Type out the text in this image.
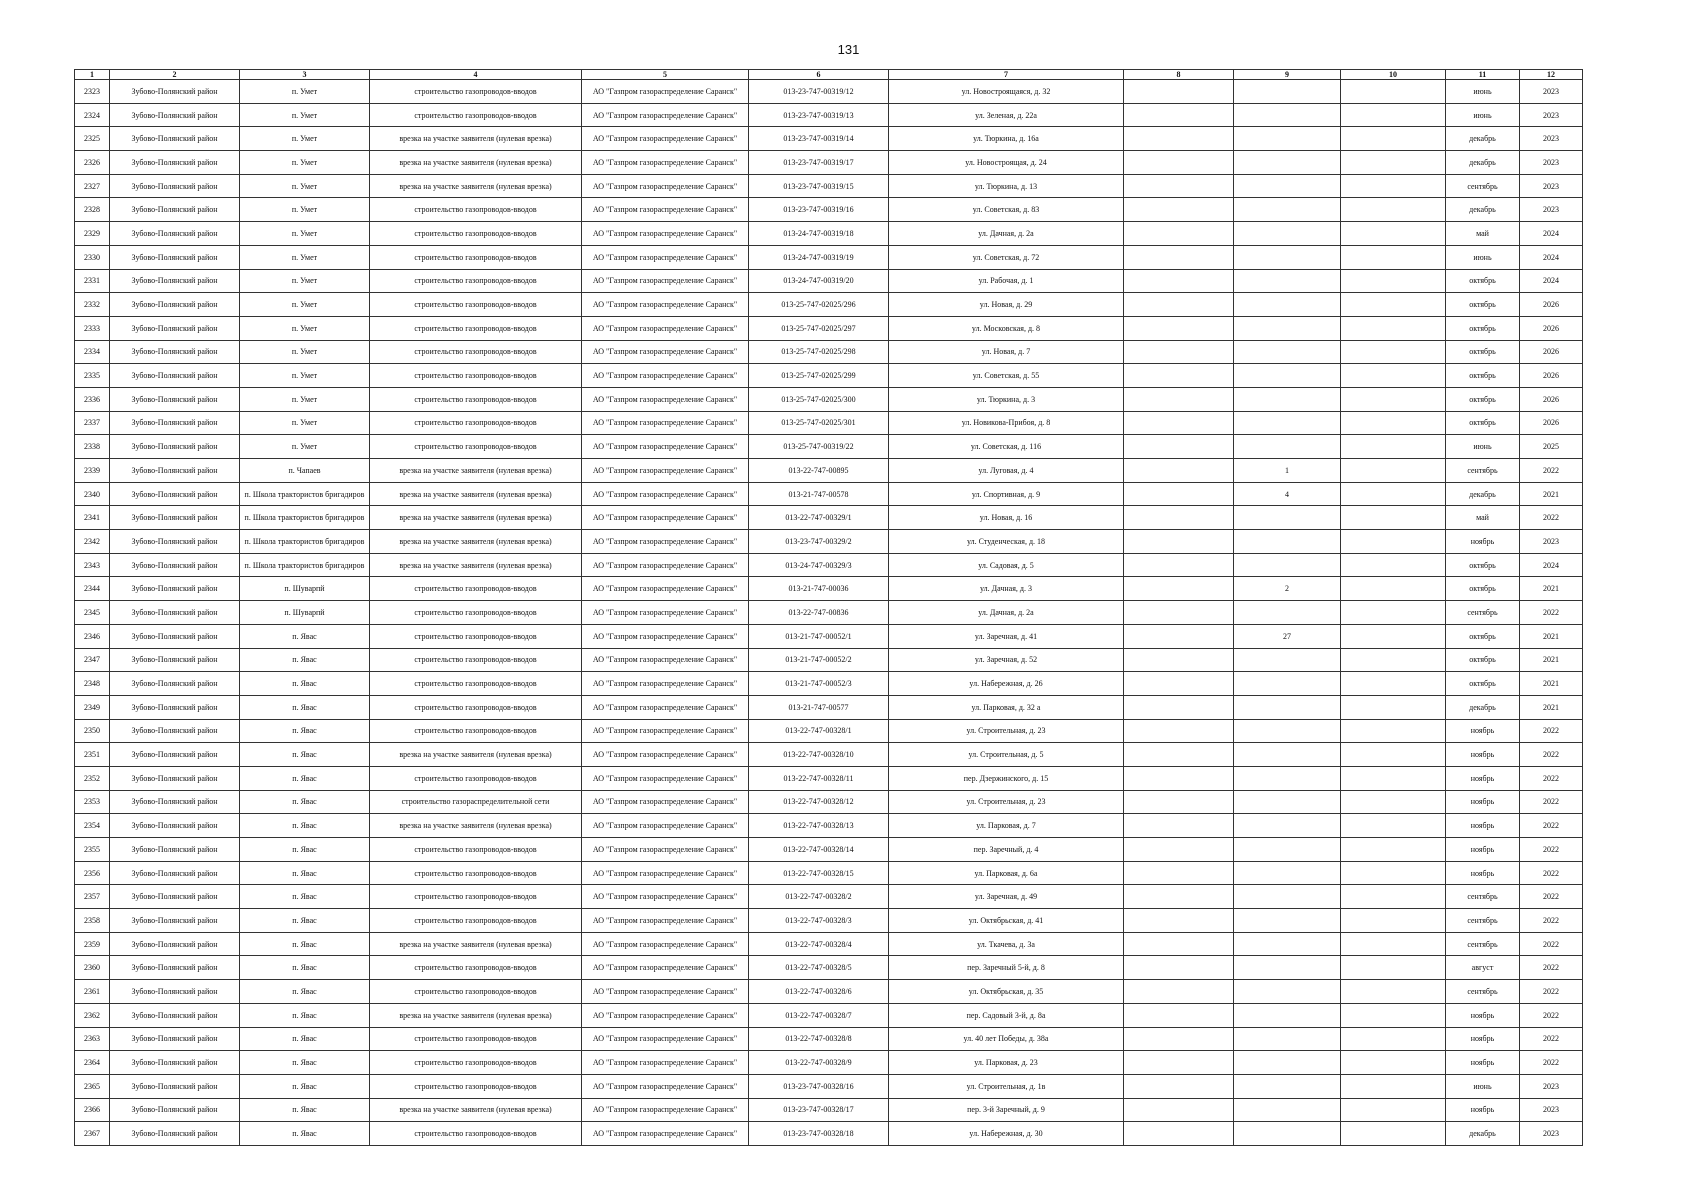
131
1	2	3	4	5	6	7	8	9	10	11	12
2323	Зубово-Полянский район	п. Умет	строительство газопроводов-вводов	АО "Газпром газораспределение Саранск"	013-23-747-00319/12	ул. Новостроящаяся, д. 32				июнь	2023
2324	Зубово-Полянский район	п. Умет	строительство газопроводов-вводов	АО "Газпром газораспределение Саранск"	013-23-747-00319/13	ул. Зеленая, д. 22а				июнь	2023
2325	Зубово-Полянский район	п. Умет	врезка на участке заявителя (нулевая врезка)	АО "Газпром газораспределение Саранск"	013-23-747-00319/14	ул. Тюркина, д. 16а				декабрь	2023
2326	Зубово-Полянский район	п. Умет	врезка на участке заявителя (нулевая врезка)	АО "Газпром газораспределение Саранск"	013-23-747-00319/17	ул. Новостроящая, д. 24				декабрь	2023
2327	Зубово-Полянский район	п. Умет	врезка на участке заявителя (нулевая врезка)	АО "Газпром газораспределение Саранск"	013-23-747-00319/15	ул. Тюркина, д. 13				сентябрь	2023
2328	Зубово-Полянский район	п. Умет	строительство газопроводов-вводов	АО "Газпром газораспределение Саранск"	013-23-747-00319/16	ул. Советская, д. 83				декабрь	2023
2329	Зубово-Полянский район	п. Умет	строительство газопроводов-вводов	АО "Газпром газораспределение Саранск"	013-24-747-00319/18	ул. Дачная, д. 2а				май	2024
2330	Зубово-Полянский район	п. Умет	строительство газопроводов-вводов	АО "Газпром газораспределение Саранск"	013-24-747-00319/19	ул. Советская, д. 72				июнь	2024
2331	Зубово-Полянский район	п. Умет	строительство газопроводов-вводов	АО "Газпром газораспределение Саранск"	013-24-747-00319/20	ул. Рабочая, д. 1				октябрь	2024
2332	Зубово-Полянский район	п. Умет	строительство газопроводов-вводов	АО "Газпром газораспределение Саранск"	013-25-747-02025/296	ул. Новая, д. 29				октябрь	2026
2333	Зубово-Полянский район	п. Умет	строительство газопроводов-вводов	АО "Газпром газораспределение Саранск"	013-25-747-02025/297	ул. Московская, д. 8				октябрь	2026
2334	Зубово-Полянский район	п. Умет	строительство газопроводов-вводов	АО "Газпром газораспределение Саранск"	013-25-747-02025/298	ул. Новая, д. 7				октябрь	2026
2335	Зубово-Полянский район	п. Умет	строительство газопроводов-вводов	АО "Газпром газораспределение Саранск"	013-25-747-02025/299	ул. Советская, д. 55				октябрь	2026
2336	Зубово-Полянский район	п. Умет	строительство газопроводов-вводов	АО "Газпром газораспределение Саранск"	013-25-747-02025/300	ул. Тюркина, д. 3				октябрь	2026
2337	Зубово-Полянский район	п. Умет	строительство газопроводов-вводов	АО "Газпром газораспределение Саранск"	013-25-747-02025/301	ул. Новикова-Прибоя, д. 8				октябрь	2026
2338	Зубово-Полянский район	п. Умет	строительство газопроводов-вводов	АО "Газпром газораспределение Саранск"	013-25-747-00319/22	ул. Советская, д. 116				июнь	2025
2339	Зубово-Полянский район	п. Чапаев	врезка на участке заявителя (нулевая врезка)	АО "Газпром газораспределение Саранск"	013-22-747-00895	ул. Луговая, д. 4		1		сентябрь	2022
2340	Зубово-Полянский район	п. Школа трактористов бригадиров	врезка на участке заявителя (нулевая врезка)	АО "Газпром газораспределение Саранск"	013-21-747-00578	ул. Спортивная, д. 9		4		декабрь	2021
2341	Зубово-Полянский район	п. Школа трактористов бригадиров	врезка на участке заявителя (нулевая врезка)	АО "Газпром газораспределение Саранск"	013-22-747-00329/1	ул. Новая, д. 16				май	2022
2342	Зубово-Полянский район	п. Школа трактористов бригадиров	врезка на участке заявителя (нулевая врезка)	АО "Газпром газораспределение Саранск"	013-23-747-00329/2	ул. Студенческая, д. 18				ноябрь	2023
2343	Зубово-Полянский район	п. Школа трактористов бригадиров	врезка на участке заявителя (нулевая врезка)	АО "Газпром газораспределение Саранск"	013-24-747-00329/3	ул. Садовая, д. 5				октябрь	2024
2344	Зубово-Полянский район	п. Шуварпй	строительство газопроводов-вводов	АО "Газпром газораспределение Саранск"	013-21-747-00036	ул. Дачная, д. 3		2		октябрь	2021
2345	Зубово-Полянский район	п. Шуварпй	строительство газопроводов-вводов	АО "Газпром газораспределение Саранск"	013-22-747-00836	ул. Дачная, д. 2а				сентябрь	2022
2346	Зубово-Полянский район	п. Явас	строительство газопроводов-вводов	АО "Газпром газораспределение Саранск"	013-21-747-00052/1	ул. Заречная, д. 41		27		октябрь	2021
2347	Зубово-Полянский район	п. Явас	строительство газопроводов-вводов	АО "Газпром газораспределение Саранск"	013-21-747-00052/2	ул. Заречная, д. 52				октябрь	2021
2348	Зубово-Полянский район	п. Явас	строительство газопроводов-вводов	АО "Газпром газораспределение Саранск"	013-21-747-00052/3	ул. Набережная, д. 26				октябрь	2021
2349	Зубово-Полянский район	п. Явас	строительство газопроводов-вводов	АО "Газпром газораспределение Саранск"	013-21-747-00577	ул. Парковая, д. 32 а				декабрь	2021
2350	Зубово-Полянский район	п. Явас	строительство газопроводов-вводов	АО "Газпром газораспределение Саранск"	013-22-747-00328/1	ул. Строительная, д. 23				ноябрь	2022
2351	Зубово-Полянский район	п. Явас	врезка на участке заявителя (нулевая врезка)	АО "Газпром газораспределение Саранск"	013-22-747-00328/10	ул. Строительная, д. 5				ноябрь	2022
2352	Зубово-Полянский район	п. Явас	строительство газопроводов-вводов	АО "Газпром газораспределение Саранск"	013-22-747-00328/11	пер. Дзержинского, д. 15				ноябрь	2022
2353	Зубово-Полянский район	п. Явас	строительство газораспределительной сети	АО "Газпром газораспределение Саранск"	013-22-747-00328/12	ул. Строительная, д. 23				ноябрь	2022
2354	Зубово-Полянский район	п. Явас	врезка на участке заявителя (нулевая врезка)	АО "Газпром газораспределение Саранск"	013-22-747-00328/13	ул. Парковая, д. 7				ноябрь	2022
2355	Зубово-Полянский район	п. Явас	строительство газопроводов-вводов	АО "Газпром газораспределение Саранск"	013-22-747-00328/14	пер. Заречный, д. 4				ноябрь	2022
2356	Зубово-Полянский район	п. Явас	строительство газопроводов-вводов	АО "Газпром газораспределение Саранск"	013-22-747-00328/15	ул. Парковая, д. 6а				ноябрь	2022
2357	Зубово-Полянский район	п. Явас	строительство газопроводов-вводов	АО "Газпром газораспределение Саранск"	013-22-747-00328/2	ул. Заречная, д. 49				сентябрь	2022
2358	Зубово-Полянский район	п. Явас	строительство газопроводов-вводов	АО "Газпром газораспределение Саранск"	013-22-747-00328/3	ул. Октябрьская, д. 41				сентябрь	2022
2359	Зубово-Полянский район	п. Явас	врезка на участке заявителя (нулевая врезка)	АО "Газпром газораспределение Саранск"	013-22-747-00328/4	ул. Ткачева, д. 3а				сентябрь	2022
2360	Зубово-Полянский район	п. Явас	строительство газопроводов-вводов	АО "Газпром газораспределение Саранск"	013-22-747-00328/5	пер. Заречный 5-й, д. 8				август	2022
2361	Зубово-Полянский район	п. Явас	строительство газопроводов-вводов	АО "Газпром газораспределение Саранск"	013-22-747-00328/6	ул. Октябрьская, д. 35				сентябрь	2022
2362	Зубово-Полянский район	п. Явас	врезка на участке заявителя (нулевая врезка)	АО "Газпром газораспределение Саранск"	013-22-747-00328/7	пер. Садовый 3-й, д. 8а				ноябрь	2022
2363	Зубово-Полянский район	п. Явас	строительство газопроводов-вводов	АО "Газпром газораспределение Саранск"	013-22-747-00328/8	ул. 40 лет Победы, д. 38а				ноябрь	2022
2364	Зубово-Полянский район	п. Явас	строительство газопроводов-вводов	АО "Газпром газораспределение Саранск"	013-22-747-00328/9	ул. Парковая, д. 23				ноябрь	2022
2365	Зубово-Полянский район	п. Явас	строительство газопроводов-вводов	АО "Газпром газораспределение Саранск"	013-23-747-00328/16	ул. Строительная, д. 1в				июнь	2023
2366	Зубово-Полянский район	п. Явас	врезка на участке заявителя (нулевая врезка)	АО "Газпром газораспределение Саранск"	013-23-747-00328/17	пер. 3-й Заречный, д. 9				ноябрь	2023
2367	Зубово-Полянский район	п. Явас	строительство газопроводов-вводов	АО "Газпром газораспределение Саранск"	013-23-747-00328/18	ул. Набережная, д. 30				декабрь	2023
